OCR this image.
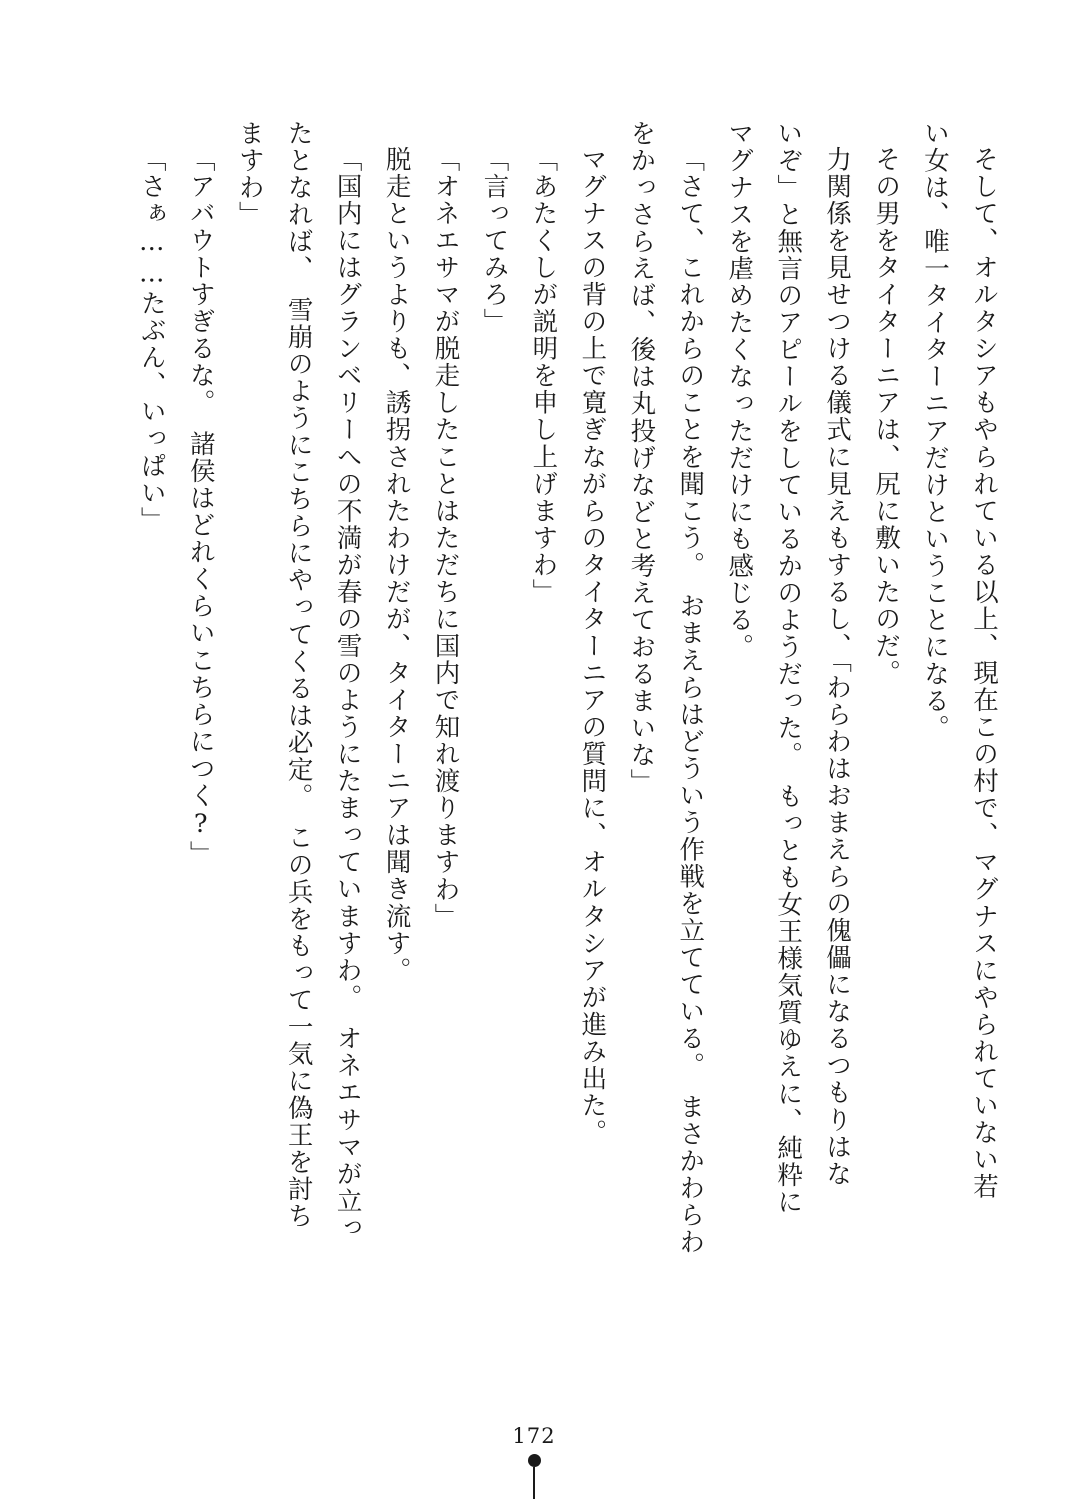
そして、オルタシアもやられている以上、現在この村で、マグナスにやられていない若
い女は、唯一タイターニアだけということになる。
その男をタイターニアは、尻に敷いたのだ。
力関係を見せつける儀式に見えもするし、「わらわはおまえらの傀儡になるつもりはな
いぞ」と無言のアピールをしているかのようだった。　もっとも女王様気質ゆえに、純粋に
マグナスを虐めたくなっただけにも感じる。
「さて、これからのことを聞こう。　おまえらはどういう作戦を立てている。　まさかわらわ
をかっさらえば、後は丸投げなどと考えておるまいな」
マグナスの背の上で寛ぎながらのタイターニアの質問に、オルタシアが進み出た。
「あたくしが説明を申し上げますわ」
「言ってみろ」
「オネエサマが脱走したことはただちに国内で知れ渡りますわ」
脱走というよりも、誘拐されたわけだが、タイターニアは聞き流す。
「国内にはグランベリーへの不満が春の雪のようにたまっていますわ。　オネエサマが立っ
たとなれば、　雪崩のようにこちらにやってくるは必定。　この兵をもって一気に偽王を討ち
ますわ」
「アバウトすぎるな。　諸侯はどれくらいこちらにつく?」
「さぁ……たぶん、いっぱい」
172
